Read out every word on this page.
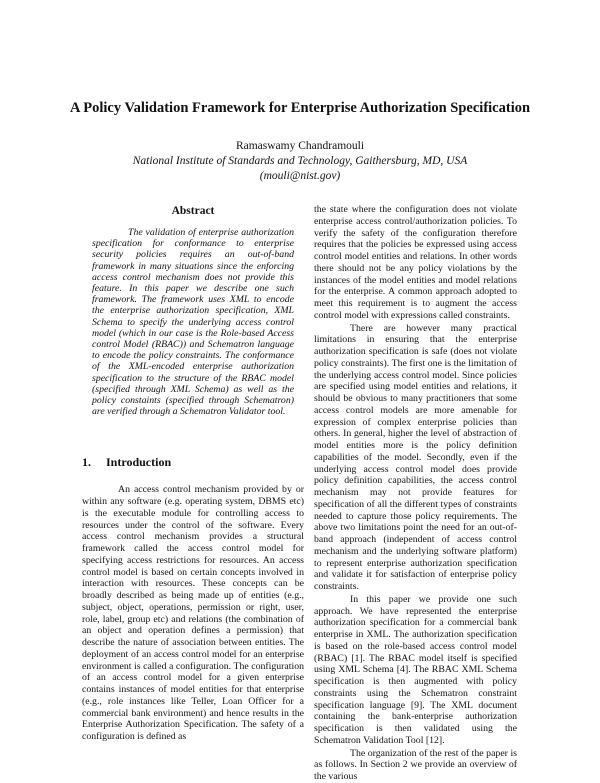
A Policy Validation Framework for Enterprise Authorization Specification
Ramaswamy Chandramouli
National Institute of Standards and Technology, Gaithersburg, MD, USA
(mouli@nist.gov)
Abstract

The validation of enterprise authorization specification for conformance to enterprise security policies requires an out-of-band framework in many situations since the enforcing access control mechanism does not provide this feature. In this paper we describe one such framework. The framework uses XML to encode the enterprise authorization specification, XML Schema to specify the underlying access control model (which in our case is the Role-based Access control Model (RBAC)) and Schematron language to encode the policy constraints. The conformance of the XML-encoded enterprise authorization specification to the structure of the RBAC model (specified through XML Schema) as well as the policy constaints (specified through Schematron) are verified through a Schematron Validator tool.

1. Introduction

An access control mechanism provided by or within any software (e.g. operating system, DBMS etc) is the executable module for controlling access to resources under the control of the software. Every access control mechanism provides a structural framework called the access control model for specifying access restrictions for resources. An access control model is based on certain concepts involved in interaction with resources. These concepts can be broadly described as being made up of entities (e.g., subject, object, operations, permission or right, user, role, label, group etc) and relations (the combination of an object and operation defines a permission) that describe the nature of association between entities. The deployment of an access control model for an enterprise environment is called a configuration. The configuration of an access control model for a given enterprise contains instances of model entities for that enterprise (e.g., role instances like Teller, Loan Officer for a commercial bank environment) and hence results in the Enterprise Authorization Specification. The safety of a configuration is defined as

the state where the configuration does not violate enterprise access control/authorization policies. To verify the safety of the configuration therefore requires that the policies be expressed using access control model entities and relations. In other words there should not be any policy violations by the instances of the model entities and model relations for the enterprise. A common approach adopted to meet this requirement is to augment the access control model with expressions called constraints.

There are however many practical limitations in ensuring that the enterprise authorization specification is safe (does not violate policy constraints). The first one is the limitation of the underlying access control model. Since policies are specified using model entities and relations, it should be obvious to many practitioners that some access control models are more amenable for expression of complex enterprise policies than others. In general, higher the level of abstraction of model entities more is the policy definition capabilities of the model. Secondly, even if the underlying access control model does provide policy definition capabilities, the access control mechanism may not provide features for specification of all the different types of constraints needed to capture those policy requirements. The above two limitations point the need for an out-of-band approach (independent of access control mechanism and the underlying software platform) to represent enterprise authorization specification and validate it for satisfaction of enterprise policy constraints.

In this paper we provide one such approach. We have represented the enterprise authorization specification for a commercial bank enterprise in XML. The authorization specification is based on the role-based access control model (RBAC) [1]. The RBAC model itself is specified using XML Schema [4]. The RBAC XML Schema specification is then augmented with policy constraints using the Schematron constraint specification language [9]. The XML document containing the bank-enterprise authorization specification is then validated using the Schematron Validation Tool [12].

The organization of the rest of the paper is as follows. In Section 2 we provide an overview of the various
